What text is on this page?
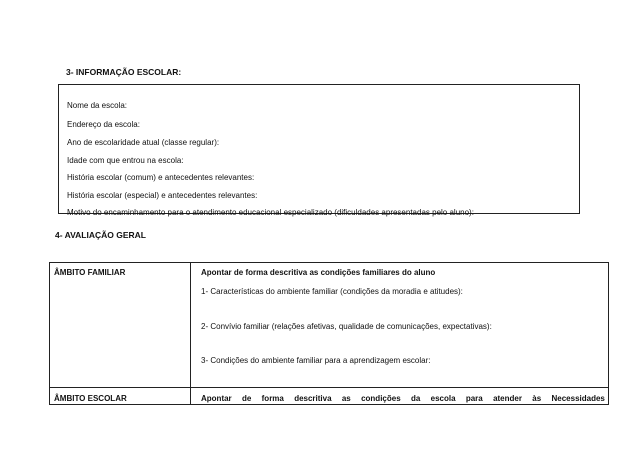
3- INFORMAÇÃO ESCOLAR:
Nome da escola:
Endereço da escola:
Ano de escolaridade atual (classe regular):
Idade com que entrou na escola:
História escolar (comum) e antecedentes relevantes:
História escolar (especial) e antecedentes relevantes:
Motivo do encaminhamento para o atendimento educacional especializado (dificuldades apresentadas pelo aluno):
4- AVALIAÇÃO GERAL
ÂMBITO FAMILIAR	Apontar de forma descritiva as condições familiares do aluno
1- Características do ambiente familiar (condições da moradia e atitudes):
2- Convívio familiar (relações afetivas, qualidade de comunicações, expectativas):
3- Condições do ambiente familiar para a aprendizagem escolar:
ÂMBITO ESCOLAR	Apontar de forma descritiva as condições da escola para atender às Necessidades
